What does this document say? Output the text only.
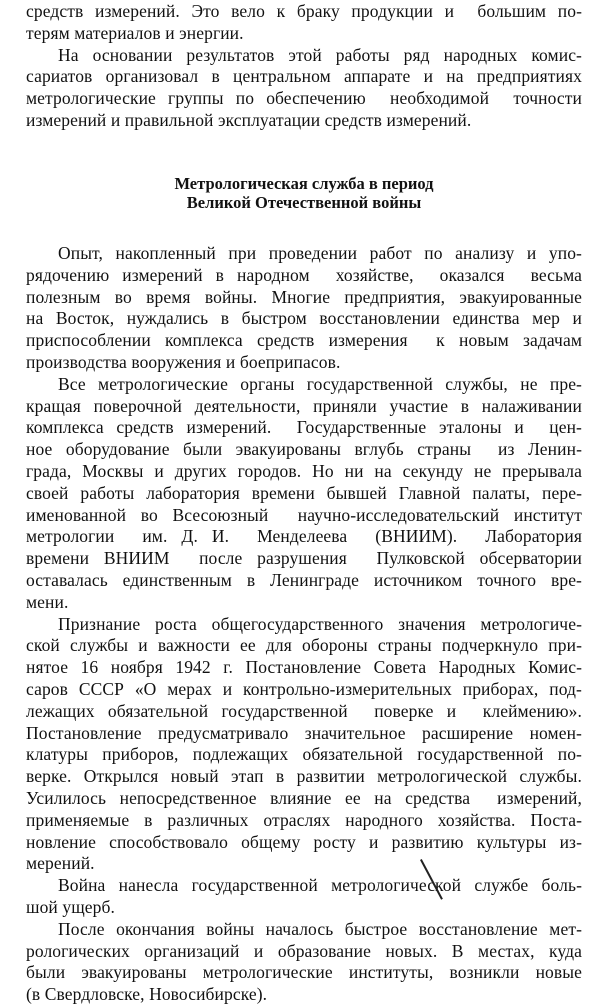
средств измерений. Это вело к браку продукции и  большим по-
терям материалов и энергии.
На основании результатов этой работы ряд народных комис-
сариатов организовал в центральном аппарате и на предприятиях
метрологические группы по обеспечению  необходимой  точности
измерений и правильной эксплуатации средств измерений.
Метрологическая служба в период
Великой Отечественной войны
Опыт, накопленный при проведении работ по анализу и упо-
рядочению измерений в народном  хозяйстве,  оказался  весьма
полезным во время войны. Многие предприятия, эвакуированные
на Восток, нуждались в быстром восстановлении единства мер и
приспособлении комплекса средств измерения  к новым задачам
производства вооружения и боеприпасов.
Все метрологические органы государственной службы, не пре-
кращая поверочной деятельности, приняли участие в налаживании
комплекса средств измерений.  Государственные эталоны и  цен-
ное оборудование были эвакуированы вглубь страны  из Ленин-
града, Москвы и других городов. Но ни на секунду не прерывала
своей работы лаборатория времени бывшей Главной палаты, пере-
именованной во Всесоюзный  научно-исследовательский институт
метрологии  им. Д. И.  Менделеева  (ВНИИМ).  Лаборатория
времени ВНИИМ  после разрушения  Пулковской обсерватории
оставалась единственным в Ленинграде источником точного вре-
мени.
Признание роста общегосударственного значения метрологиче-
ской службы и важности ее для обороны страны подчеркнуло при-
нятое 16 ноября 1942 г. Постановление Совета Народных Комис-
саров СССР «О мерах и контрольно-измерительных приборах, под-
лежащих обязательной государственной  поверке и  клеймению».
Постановление предусматривало значительное расширение номен-
клатуры приборов, подлежащих обязательной государственной по-
верке. Открылся новый этап в развитии метрологической службы.
Усилилось непосредственное влияние ее на средства  измерений,
применяемые в различных отраслях народного хозяйства. Поста-
новление способствовало общему росту и развитию культуры из-
мерений.
Война нанесла государственной метрологической службе боль-
шой ущерб.
После окончания войны началось быстрое восстановление мет-
рологических организаций и образование новых. В местах, куда
были эвакуированы метрологические институты, возникли новые
(в Свердловске, Новосибирске).
